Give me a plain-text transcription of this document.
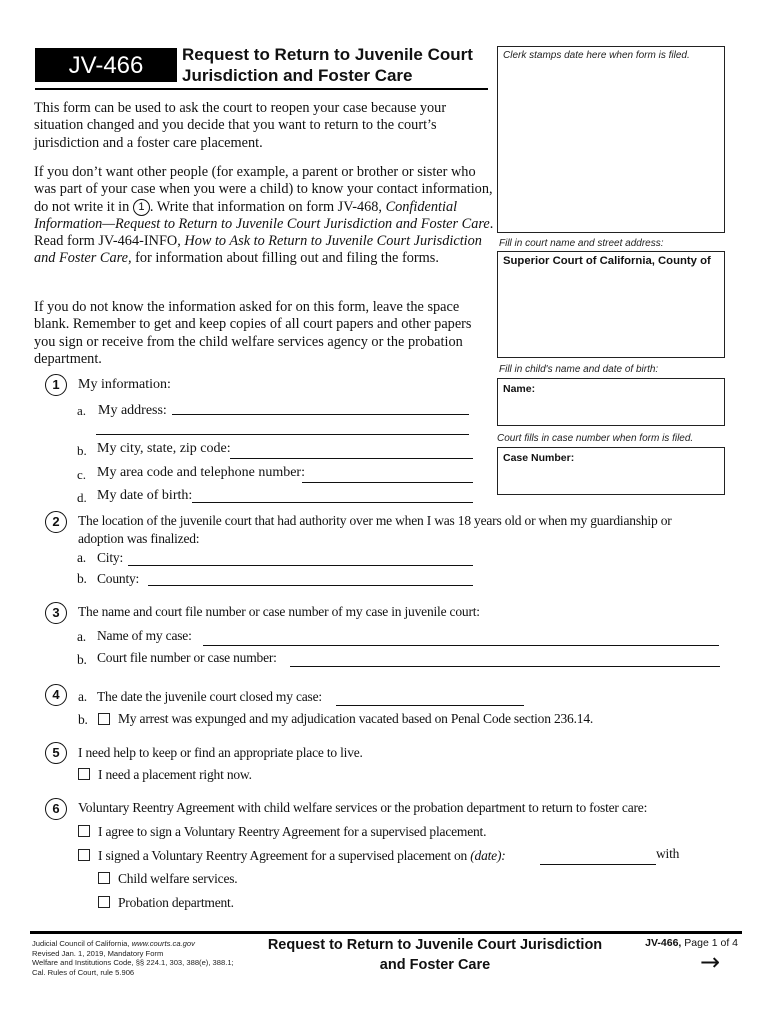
JV-466	Request to Return to Juvenile Court
Jurisdiction and Foster Care
Clerk stamps date here when form is filed.
Fill in court name and street address:
Superior Court of California, County of
Fill in child's name and date of birth:
Name:
Court fills in case number when form is filed.
Case Number:
This form can be used to ask the court to reopen your case because your situation changed and you decide that you want to return to the court’s jurisdiction and a foster care placement.
If you don’t want other people (for example, a parent or brother or sister who was part of your case when you were a child) to know your contact information, do not write it in 1 . Write that information on form JV-468, Confidential Information—Request to Return to Juvenile Court Jurisdiction and Foster Care. Read form JV-464-INFO, How to Ask to Return to Juvenile Court Jurisdiction and Foster Care, for information about filling out and filing the forms.
If you do not know the information asked for on this form, leave the space blank. Remember to get and keep copies of all court papers and other papers you sign or receive from the child welfare services agency or the probation department.
1	My information:
a. My address:
b. My city, state, zip code:
c. My area code and telephone number:
d. My date of birth:
2	The location of the juvenile court that had authority over me when I was 18 years old or when my guardianship or
adoption was finalized:
a. City:
b. County:
3	The name and court file number or case number of my case in juvenile court:
a. Name of my case:
b. Court file number or case number:
4	a. The date the juvenile court closed my case:
b. My arrest was expunged and my adjudication vacated based on Penal Code section 236.14.
5	I need help to keep or find an appropriate place to live.
I need a placement right now.
6	Voluntary Reentry Agreement with child welfare services or the probation department to return to foster care:
I agree to sign a Voluntary Reentry Agreement for a supervised placement.
I signed a Voluntary Reentry Agreement for a supervised placement on (date):	with
Child welfare services.
Probation department.
Judicial Council of California, www.courts.ca.gov
Revised Jan. 1, 2019, Mandatory Form
Welfare and Institutions Code, §§ 224.1, 303, 388(e), 388.1;
Cal. Rules of Court, rule 5.906
Request to Return to Juvenile Court Jurisdiction
and Foster Care
JV-466, Page 1 of 4
→
